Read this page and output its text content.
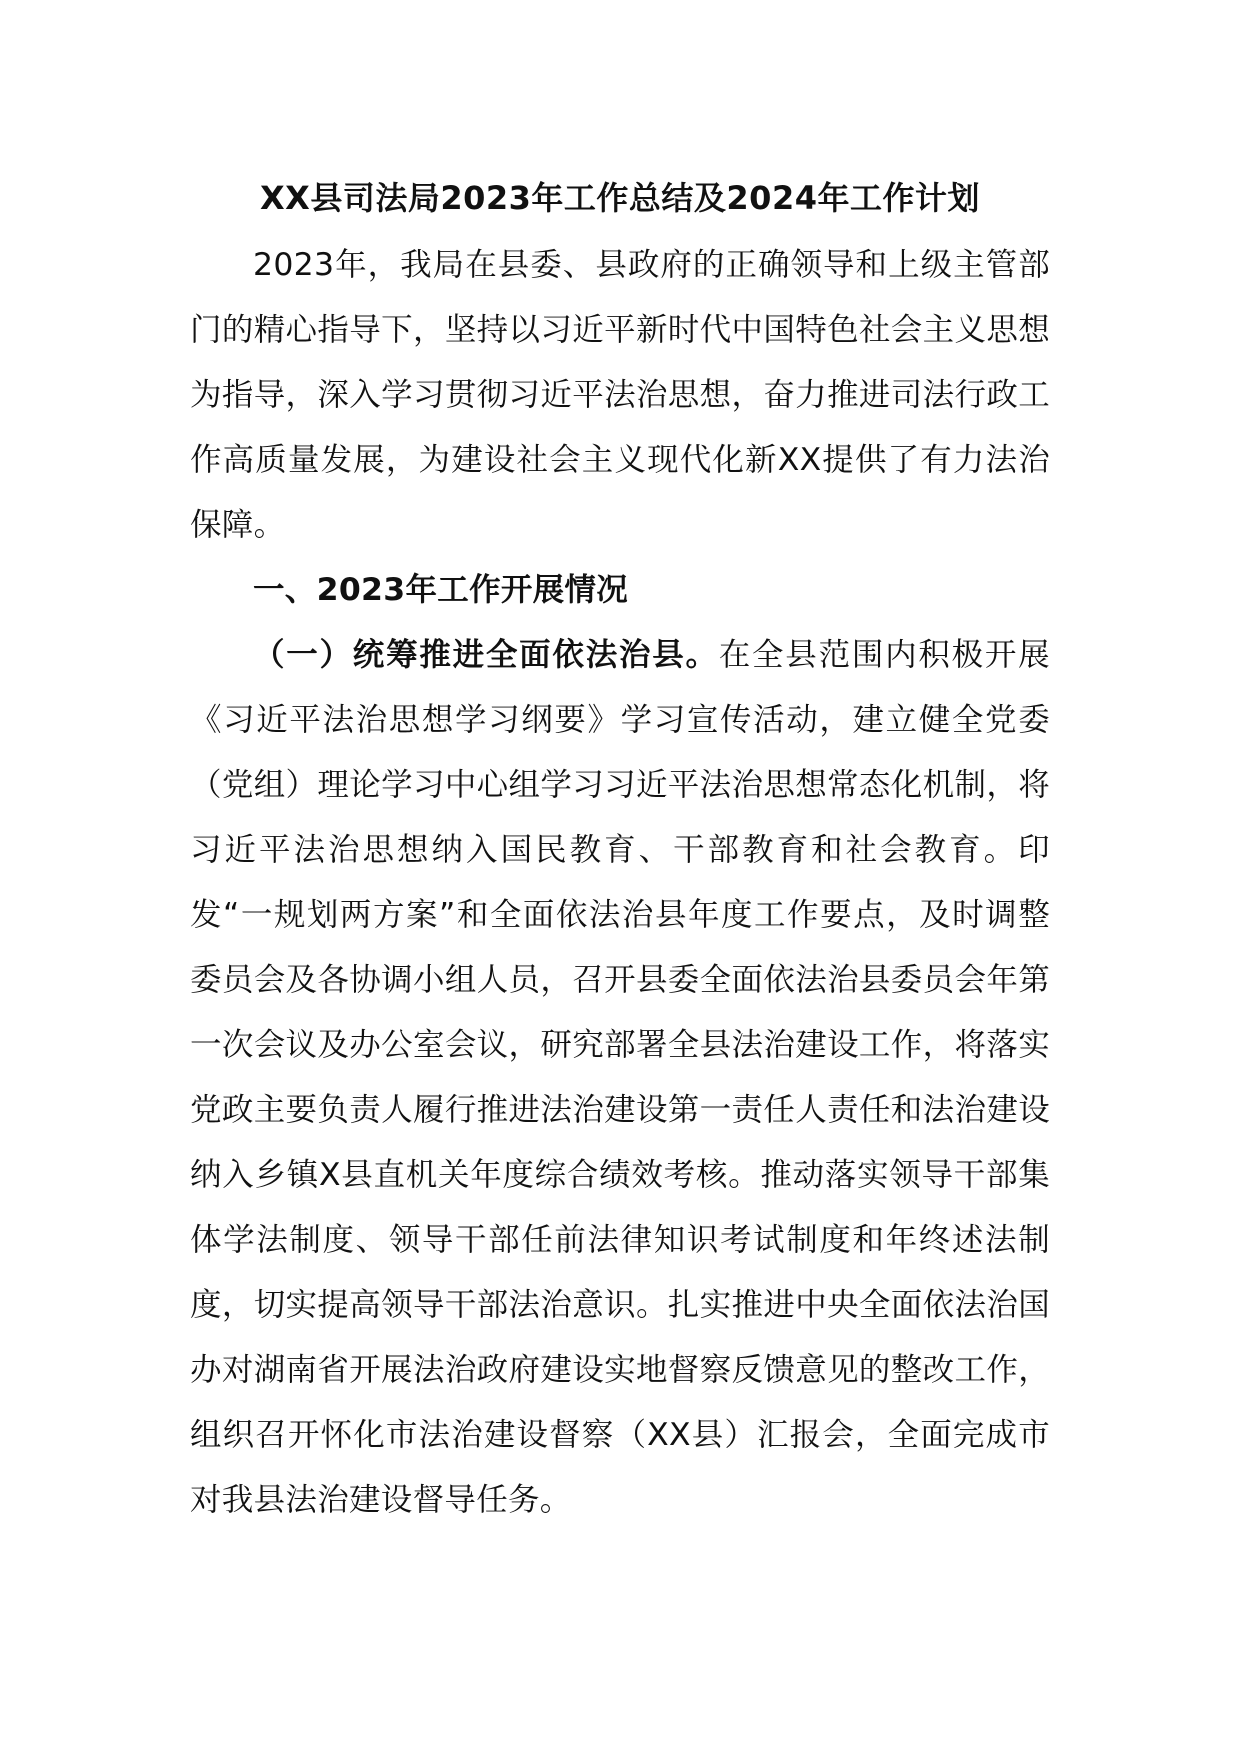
XX县司法局2023年工作总结及2024年工作计划

2023年，我局在县委、县政府的正确领导和上级主管部门的精心指导下，坚持以习近平新时代中国特色社会主义思想为指导，深入学习贯彻习近平法治思想，奋力推进司法行政工作高质量发展，为建设社会主义现代化新XX提供了有力法治保障。

一、2023年工作开展情况

（一）统筹推进全面依法治县。在全县范围内积极开展《习近平法治思想学习纲要》学习宣传活动，建立健全党委（党组）理论学习中心组学习习近平法治思想常态化机制，将习近平法治思想纳入国民教育、干部教育和社会教育。印发“一规划两方案”和全面依法治县年度工作要点，及时调整委员会及各协调小组人员，召开县委全面依法治县委员会年第一次会议及办公室会议，研究部署全县法治建设工作，将落实党政主要负责人履行推进法治建设第一责任人责任和法治建设纳入乡镇X县直机关年度综合绩效考核。推动落实领导干部集体学法制度、领导干部任前法律知识考试制度和年终述法制度，切实提高领导干部法治意识。扎实推进中央全面依法治国办对湖南省开展法治政府建设实地督察反馈意见的整改工作，组织召开怀化市法治建设督察（XX县）汇报会，全面完成市对我县法治建设督导任务。
